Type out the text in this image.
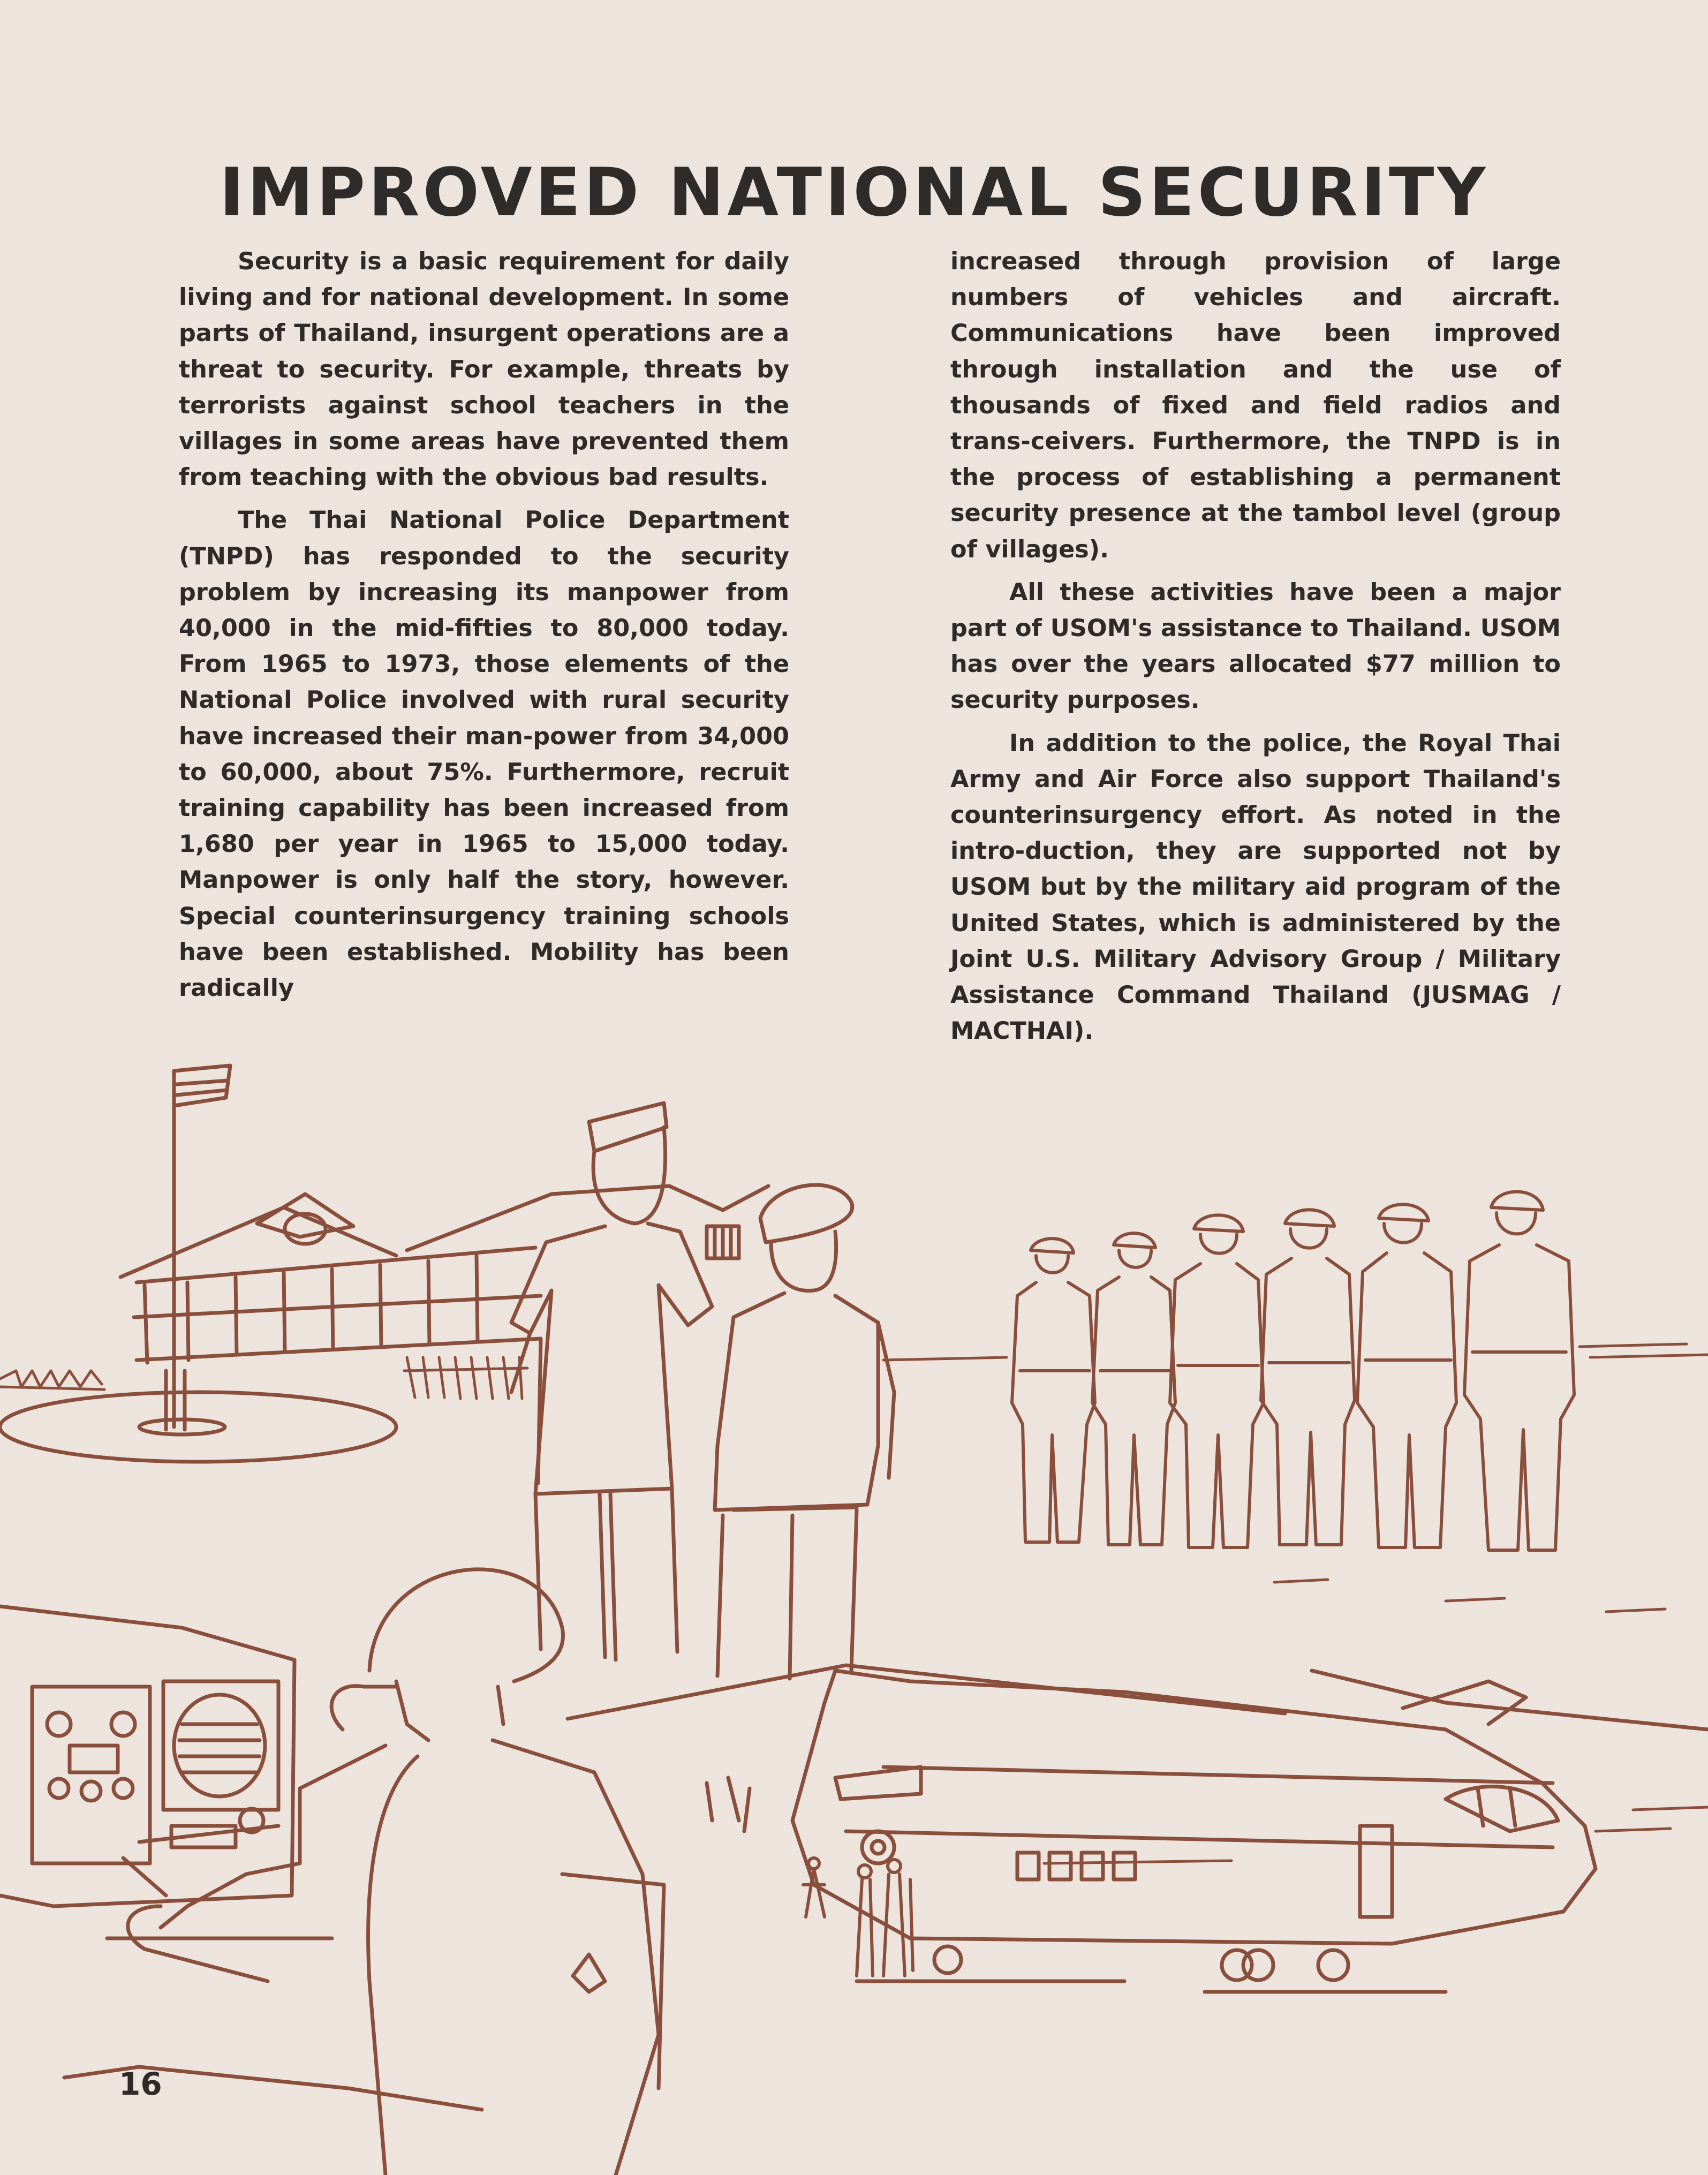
IMPROVED NATIONAL SECURITY

Security is a basic requirement for daily living and for national development. In some parts of Thailand, insurgent operations are a threat to security. For example, threats by terrorists against school teachers in the villages in some areas have prevented them from teaching with the obvious bad results.

The Thai National Police Department (TNPD) has responded to the security problem by increasing its manpower from 40,000 in the mid-fifties to 80,000 today. From 1965 to 1973, those elements of the National Police involved with rural security have increased their man-power from 34,000 to 60,000, about 75%. Furthermore, recruit training capability has been increased from 1,680 per year in 1965 to 15,000 today. Manpower is only half the story, however. Special counterinsurgency training schools have been established. Mobility has been radically

increased through provision of large numbers of vehicles and aircraft. Communications have been improved through installation and the use of thousands of fixed and field radios and trans-ceivers. Furthermore, the TNPD is in the process of establishing a permanent security presence at the tambol level (group of villages).

All these activities have been a major part of USOM's assistance to Thailand. USOM has over the years allocated $77 million to security purposes.

In addition to the police, the Royal Thai Army and Air Force also support Thailand's counterinsurgency effort. As noted in the intro-duction, they are supported not by USOM but by the military aid program of the United States, which is administered by the Joint U.S. Military Advisory Group / Military Assistance Command Thailand (JUSMAG / MACTHAI).

16
